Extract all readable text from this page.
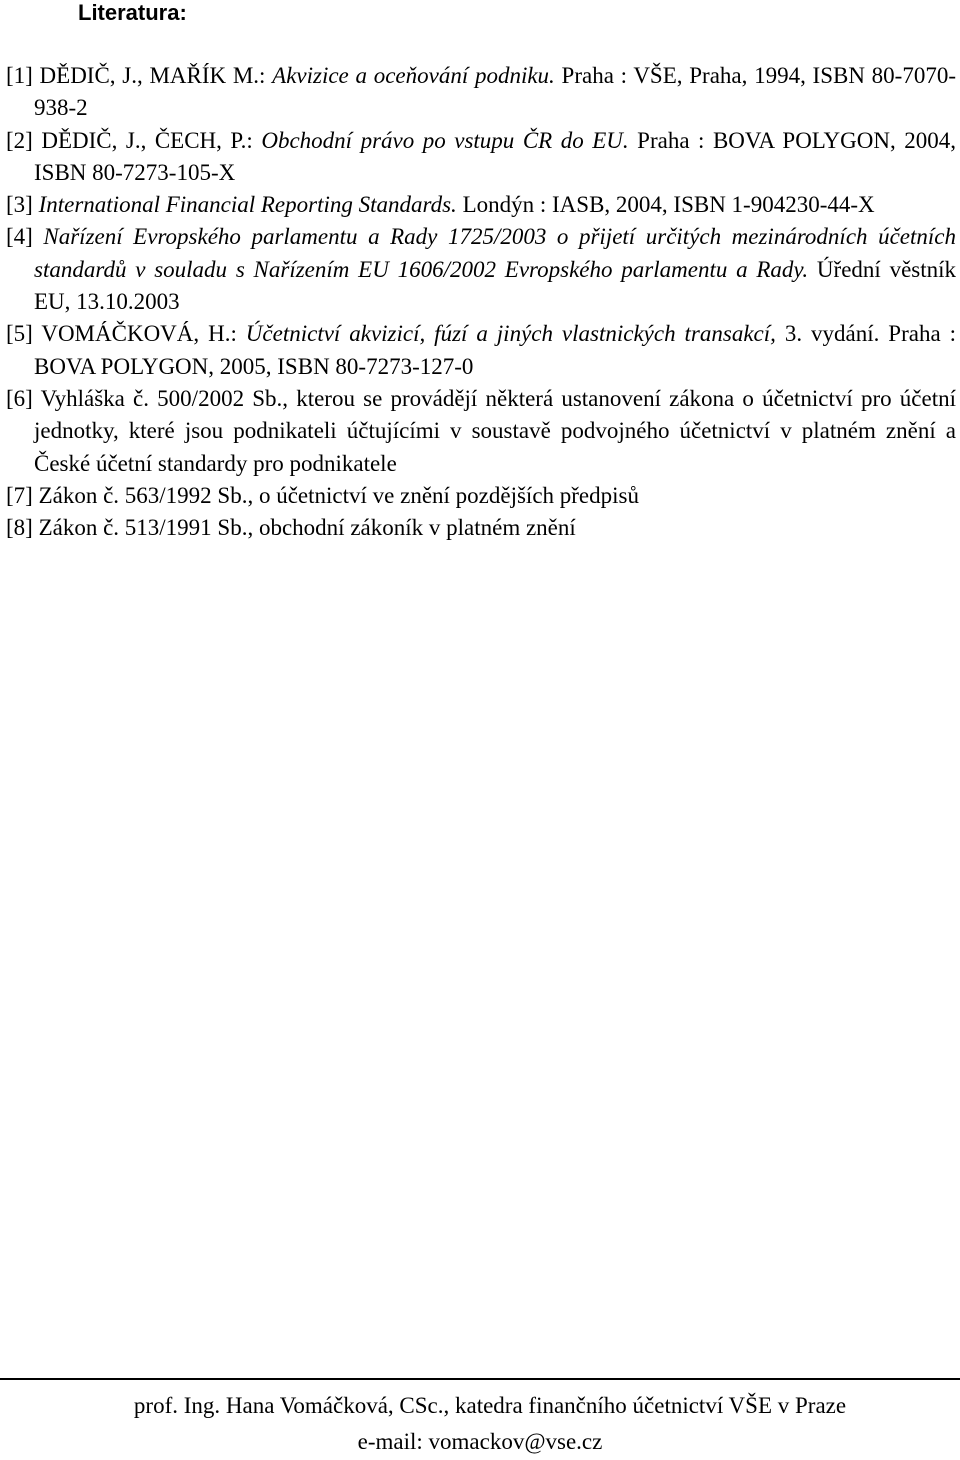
Literatura:

[1] DĚDIČ, J., MAŘÍK M.: Akvizice a oceňování podniku. Praha : VŠE, Praha, 1994, ISBN 80-7070-938-2

[2] DĚDIČ, J., ČECH, P.: Obchodní právo po vstupu ČR do EU. Praha : BOVA POLYGON, 2004, ISBN 80-7273-105-X

[3] International Financial Reporting Standards. Londýn : IASB, 2004, ISBN 1-904230-44-X

[4] Nařízení Evropského parlamentu a Rady 1725/2003 o přijetí určitých mezinárodních účetních standardů v souladu s Nařízením EU 1606/2002 Evropského parlamentu a Rady. Úřední věstník EU, 13.10.2003

[5] VOMÁČKOVÁ, H.: Účetnictví akvizicí, fúzí a jiných vlastnických transakcí, 3. vydání. Praha : BOVA POLYGON, 2005, ISBN 80-7273-127-0

[6] Vyhláška č. 500/2002 Sb., kterou se provádějí některá ustanovení zákona o účetnictví pro účetní jednotky, které jsou podnikateli účtujícími v soustavě podvojného účetnictví v platném znění a České účetní standardy pro podnikatele

[7] Zákon č. 563/1992 Sb., o účetnictví ve znění pozdějších předpisů

[8] Zákon č. 513/1991 Sb., obchodní zákoník v platném znění

prof. Ing. Hana Vomáčková, CSc., katedra finančního účetnictví VŠE v Praze
e-mail: vomackov@vse.cz
